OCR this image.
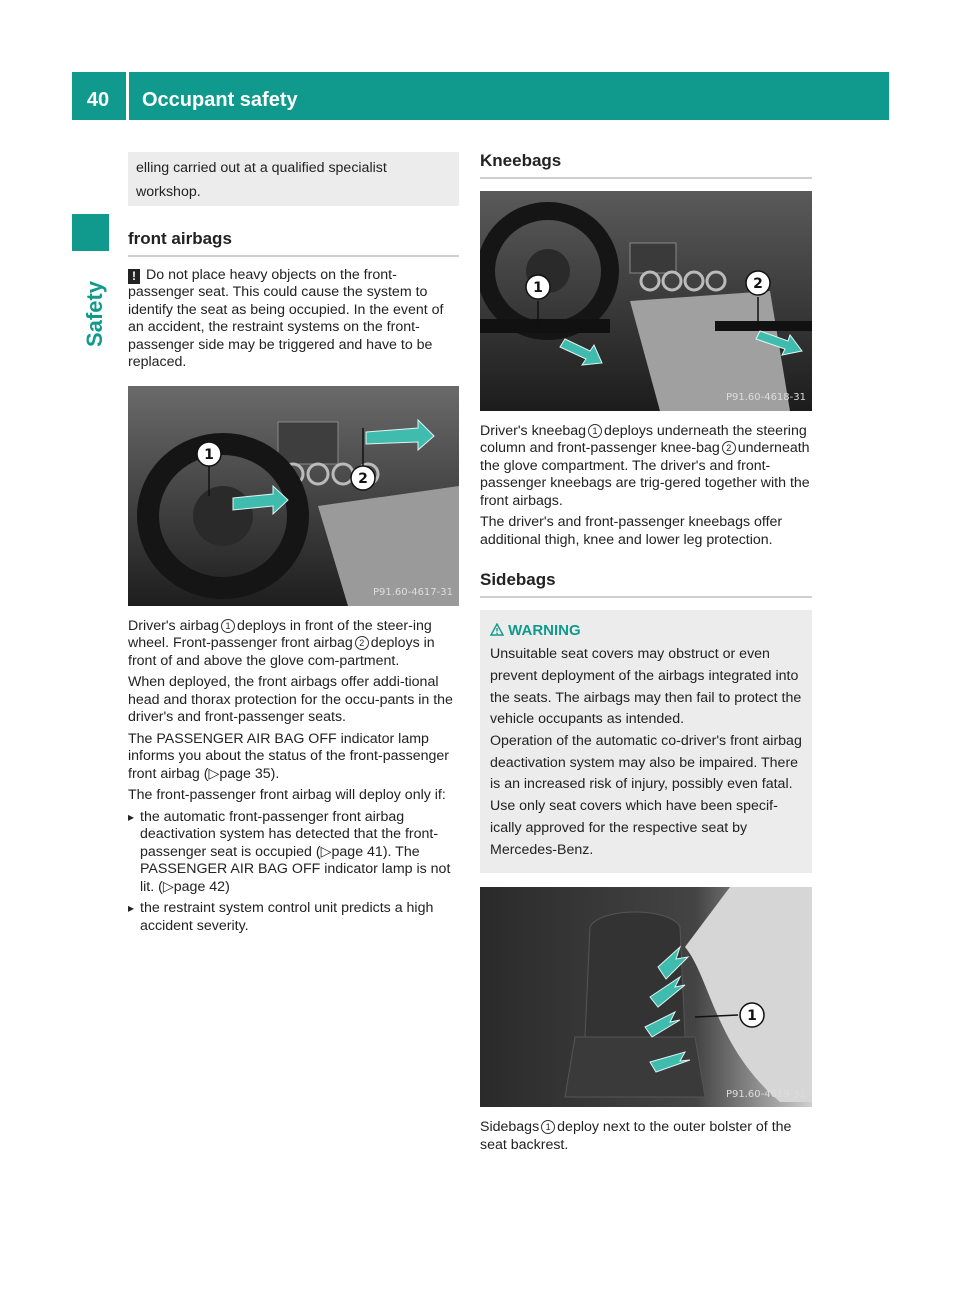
40	Occupant safety
Safety
elling carried out at a qualified specialist
workshop.
front airbags

! Do not place heavy objects on the front-passenger seat. This could cause the system to identify the seat as being occupied. In the event of an accident, the restraint systems on the front-passenger side may be triggered and have to be replaced.

1
2
P91.60-4617-31

Driver's airbag 1 deploys in front of the steer-ing wheel. Front-passenger front airbag 2 deploys in front of and above the glove com-partment.

When deployed, the front airbags offer addi-tional head and thorax protection for the occu-pants in the driver's and front-passenger seats.

The PASSENGER AIR BAG OFF indicator lamp informs you about the status of the front-passenger front airbag (▷page 35).

The front-passenger front airbag will deploy only if:

▸ the automatic front-passenger front airbag deactivation system has detected that the front-passenger seat is occupied (▷page 41). The PASSENGER AIR BAG OFF indicator lamp is not lit. (▷page 42)
▸ the restraint system control unit predicts a high accident severity.
Kneebags
1	2
P91.60-4618-31

Driver's kneebag 1 deploys underneath the steering column and front-passenger knee-bag 2 underneath the glove compartment. The driver's and front-passenger kneebags are trig-gered together with the front airbags.

The driver's and front-passenger kneebags offer additional thigh, knee and lower leg protection.

Sidebags
WARNING

Unsuitable seat covers may obstruct or even prevent deployment of the airbags integrated into the seats. The airbags may then fail to protect the vehicle occupants as intended.

Operation of the automatic co-driver's front airbag deactivation system may also be impaired. There is an increased risk of injury, possibly even fatal.

Use only seat covers which have been specif-ically approved for the respective seat by Mercedes-Benz.

1
P91.60-4619-31

Sidebags 1 deploy next to the outer bolster of the seat backrest.
